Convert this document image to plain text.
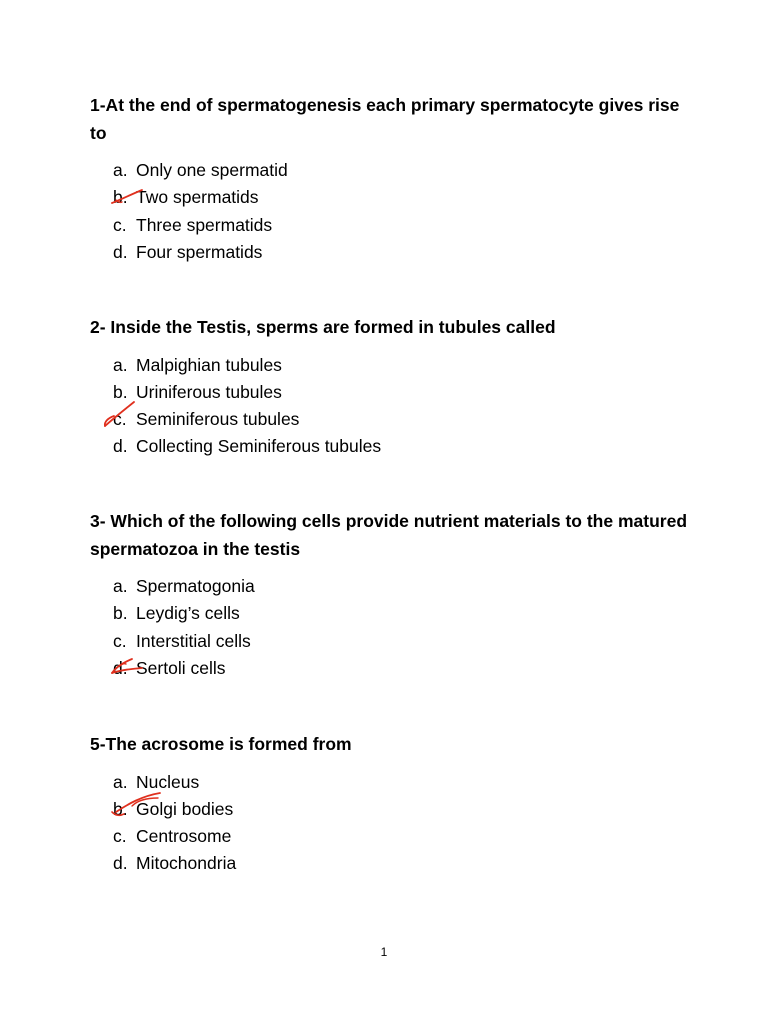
1-At the end of spermatogenesis each primary spermatocyte gives rise to

a. Only one spermatid
b. Two spermatids
c. Three spermatids
d. Four spermatids

2- Inside the Testis, sperms are formed in tubules called

a. Malpighian tubules
b. Uriniferous tubules
c. Seminiferous tubules
d. Collecting Seminiferous tubules

3- Which of the following cells provide nutrient materials to the matured spermatozoa in the testis

a. Spermatogonia
b. Leydig’s cells
c. Interstitial cells
d. Sertoli cells

5-The acrosome is formed from

a. Nucleus
b. Golgi bodies
c. Centrosome
d. Mitochondria
1
